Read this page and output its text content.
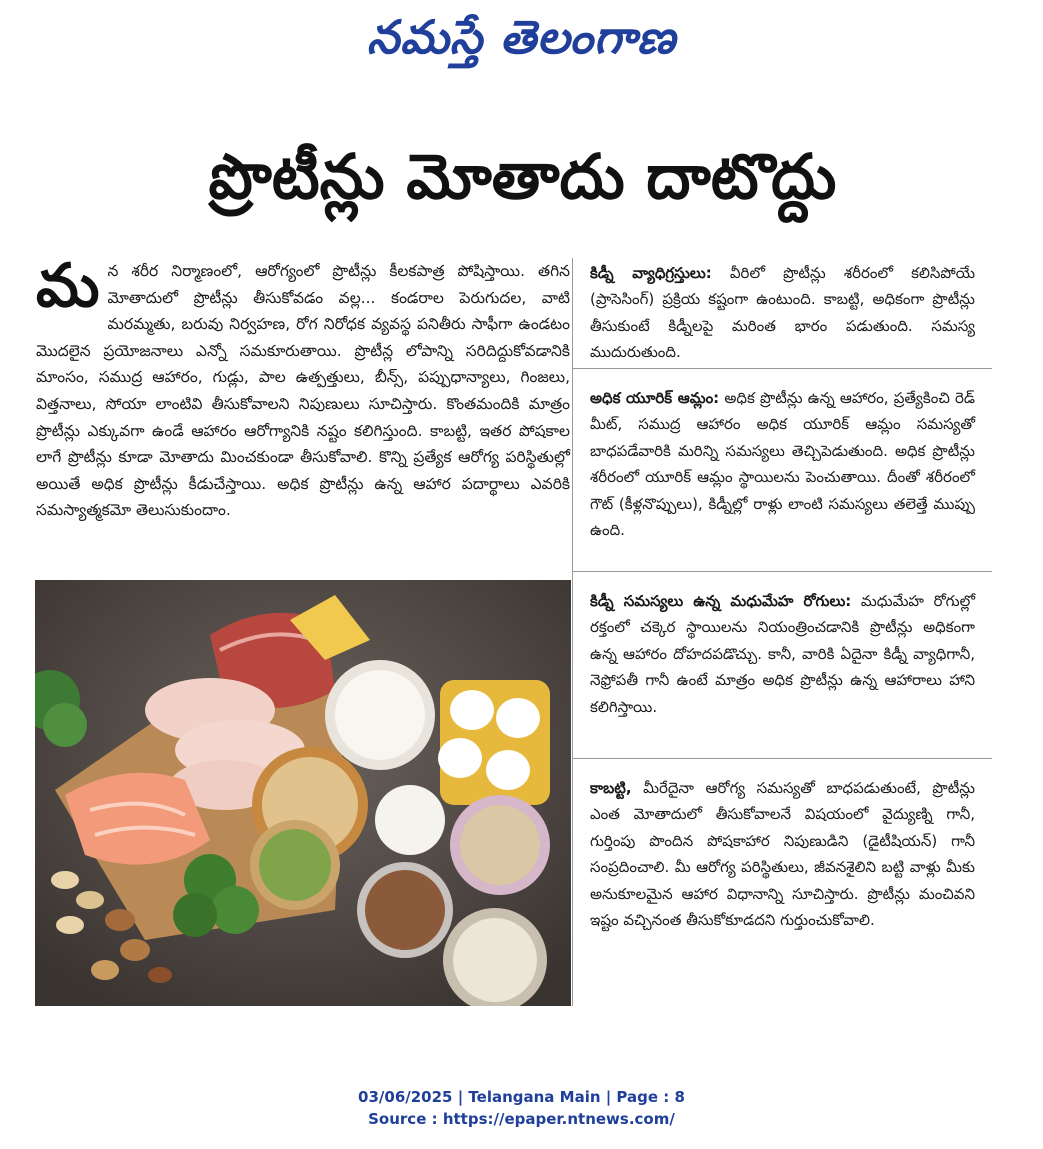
నమస్తే తెలంగాణ
ప్రొటీన్లు మోతాదు దాటొద్దు

మన శరీర నిర్మాణంలో, ఆరోగ్యంలో ప్రొటీన్లు కీలకపాత్ర పోషిస్తాయి. తగిన మోతాదులో ప్రొటీన్లు తీసుకోవడం వల్ల... కండరాల పెరుగుదల, వాటి మరమ్మతు, బరువు నిర్వహణ, రోగ నిరోధక వ్యవస్థ పనితీరు సాఫీగా ఉండటం మొదలైన ప్రయోజనాలు ఎన్నో సమకూరుతాయి. ప్రొటీన్ల లోపాన్ని సరిదిద్దుకోవడానికి మాంసం, సముద్ర ఆహారం, గుడ్లు, పాల ఉత్పత్తులు, బీన్స్, పప్పుధాన్యాలు, గింజలు, విత్తనాలు, సోయా లాంటివి తీసుకోవాలని నిపుణులు సూచిస్తారు. కొంతమందికి మాత్రం ప్రొటీన్లు ఎక్కువగా ఉండే ఆహారం ఆరోగ్యానికి నష్టం కలిగిస్తుంది. కాబట్టి, ఇతర పోషకాల లాగే ప్రొటీన్లు కూడా మోతాదు మించకుండా తీసుకోవాలి. కొన్ని ప్రత్యేక ఆరోగ్య పరిస్థితుల్లో అయితే అధిక ప్రొటీన్లు కీడుచేస్తాయి. అధిక ప్రొటీన్లు ఉన్న ఆహార పదార్థాలు ఎవరికి సమస్యాత్మకమో తెలుసుకుందాం.

కిడ్నీ వ్యాధిగ్రస్తులు: వీరిలో ప్రొటీన్లు శరీరంలో కలిసిపోయే (ప్రాసెసింగ్) ప్రక్రియ కష్టంగా ఉంటుంది. కాబట్టి, అధికంగా ప్రొటీన్లు తీసుకుంటే కిడ్నీలపై మరింత భారం పడుతుంది. సమస్య ముదురుతుంది.

అధిక యూరిక్ ఆమ్లం: అధిక ప్రొటీన్లు ఉన్న ఆహారం, ప్రత్యేకించి రెడ్ మీట్, సముద్ర ఆహారం అధిక యూరిక్ ఆమ్లం సమస్యతో బాధపడేవారికి మరిన్ని సమస్యలు తెచ్చిపెడుతుంది. అధిక ప్రొటీన్లు శరీరంలో యూరిక్ ఆమ్లం స్థాయిలను పెంచుతాయి. దీంతో శరీరంలో గౌట్ (కీళ్లనొప్పులు), కిడ్నీల్లో రాళ్లు లాంటి సమస్యలు తలెత్తే ముప్పు ఉంది.

కిడ్నీ సమస్యలు ఉన్న మధుమేహ రోగులు: మధుమేహ రోగుల్లో రక్తంలో చక్కెర స్థాయిలను నియంత్రించడానికి ప్రొటీన్లు అధికంగా ఉన్న ఆహారం దోహదపడొచ్చు. కానీ, వారికి ఏదైనా కిడ్నీ వ్యాధిగానీ, నెఫ్రోపతీ గానీ ఉంటే మాత్రం అధిక ప్రొటీన్లు ఉన్న ఆహారాలు హాని కలిగిస్తాయి.

కాబట్టి, మీరేదైనా ఆరోగ్య సమస్యతో బాధపడుతుంటే, ప్రొటీన్లు ఎంత మోతాదులో తీసుకోవాలనే విషయంలో వైద్యుణ్ని గానీ, గుర్తింపు పొందిన పోషకాహార నిపుణుడిని (డైటీషియన్) గానీ సంప్రదించాలి. మీ ఆరోగ్య పరిస్థితులు, జీవనశైలిని బట్టి వాళ్లు మీకు అనుకూలమైన ఆహార విధానాన్ని సూచిస్తారు. ప్రొటీన్లు మంచివని ఇష్టం వచ్చినంత తీసుకోకూడదని గుర్తుంచుకోవాలి.

03/06/2025 | Telangana Main | Page : 8
Source : https://epaper.ntnews.com/
